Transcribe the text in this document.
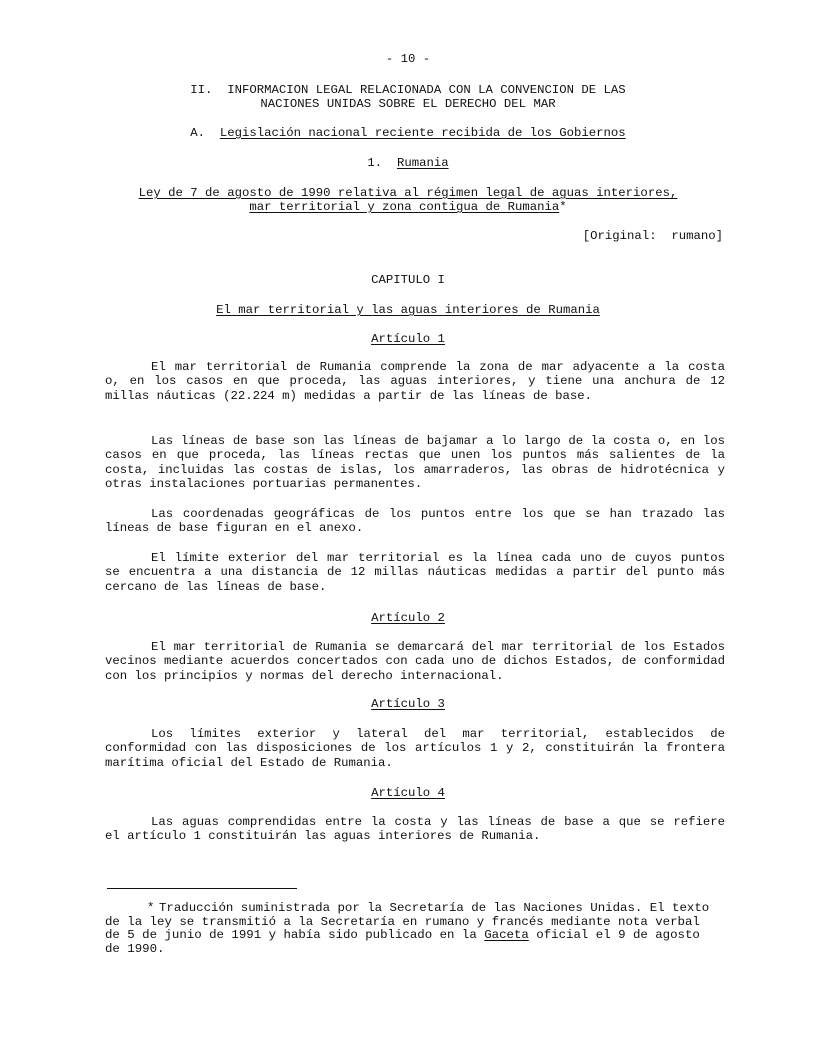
- 10 -
II.  INFORMACION LEGAL RELACIONADA CON LA CONVENCION DE LAS
NACIONES UNIDAS SOBRE EL DERECHO DEL MAR
A. Legislación nacional reciente recibida de los Gobiernos
1. Rumania
Ley de 7 de agosto de 1990 relativa al régimen legal de aguas interiores,
mar territorial y zona contigua de Rumania*
[Original:  rumano]
CAPITULO I
El mar territorial y las aguas interiores de Rumania
Artículo 1

El mar territorial de Rumania comprende la zona de mar adyacente a la costa o, en los casos en que proceda, las aguas interiores, y tiene una anchura de 12 millas náuticas (22.224 m) medidas a partir de las líneas de base.

Las líneas de base son las líneas de bajamar a lo largo de la costa o, en los casos en que proceda, las líneas rectas que unen los puntos más salientes de la costa, incluidas las costas de islas, los amarraderos, las obras de hidrotécnica y otras instalaciones portuarias permanentes.

Las coordenadas geográficas de los puntos entre los que se han trazado las líneas de base figuran en el anexo.

El límite exterior del mar territorial es la línea cada uno de cuyos puntos se encuentra a una distancia de 12 millas náuticas medidas a partir del punto más cercano de las líneas de base.

Artículo 2

El mar territorial de Rumania se demarcará del mar territorial de los Estados vecinos mediante acuerdos concertados con cada uno de dichos Estados, de conformidad con los principios y normas del derecho internacional.

Artículo 3

Los límites exterior y lateral del mar territorial, establecidos de conformidad con las disposiciones de los artículos 1 y 2, constituirán la frontera marítima oficial del Estado de Rumania.

Artículo 4

Las aguas comprendidas entre la costa y las líneas de base a que se refiere el artículo 1 constituirán las aguas interiores de Rumania.

* Traducción suministrada por la Secretaría de las Naciones Unidas. El texto de la ley se transmitió a la Secretaría en rumano y francés mediante nota verbal de 5 de junio de 1991 y había sido publicado en la Gaceta oficial el 9 de agosto de 1990.
